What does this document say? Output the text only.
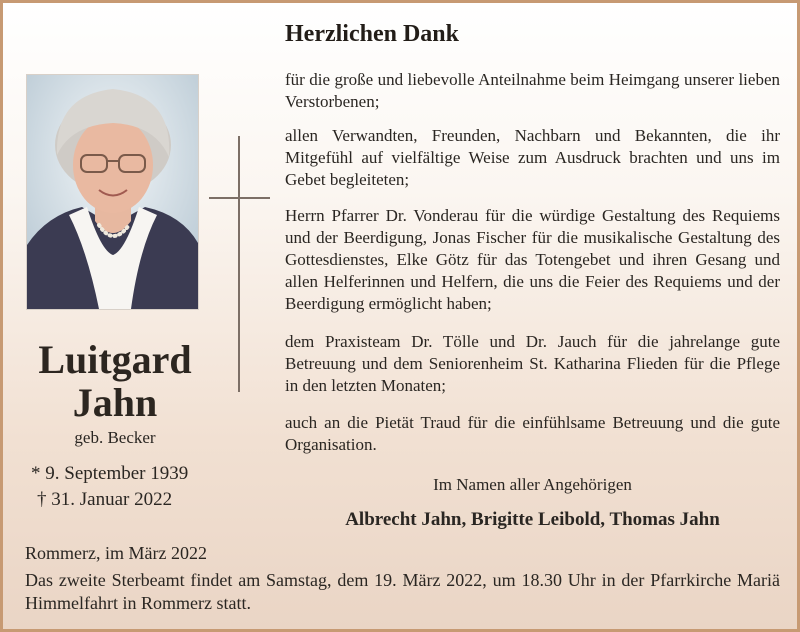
Luitgard
Jahn
geb. Becker
* 9. September 1939
† 31. Januar 2022
Herzlichen Dank
für die große und liebevolle Anteilnahme beim Heimgang unserer lieben Verstorbenen;
allen Verwandten, Freunden, Nachbarn und Bekannten, die ihr Mitgefühl auf vielfältige Weise zum Ausdruck brachten und uns im Gebet begleiteten;
Herrn Pfarrer Dr. Vonderau für die würdige Gestaltung des Requiems und der Beerdigung, Jonas Fischer für die musikalische Gestaltung des Gottesdienstes, Elke Götz für das Totengebet und ihren Gesang und allen Helferinnen und Helfern, die uns die Feier des Requiems und der Beerdigung ermöglicht haben;
dem Praxisteam Dr. Tölle und Dr. Jauch für die jahrelange gute Betreuung und dem Seniorenheim St. Katharina Flieden für die Pflege in den letzten Monaten;
auch an die Pietät Traud für die einfühlsame Betreuung und die gute Organisation.
Im Namen aller Angehörigen
Albrecht Jahn, Brigitte Leibold, Thomas Jahn
Rommerz, im März 2022
Das zweite Sterbeamt findet am Samstag, dem 19. März 2022, um 18.30 Uhr in der Pfarrkirche Mariä Himmelfahrt in Rommerz statt.
